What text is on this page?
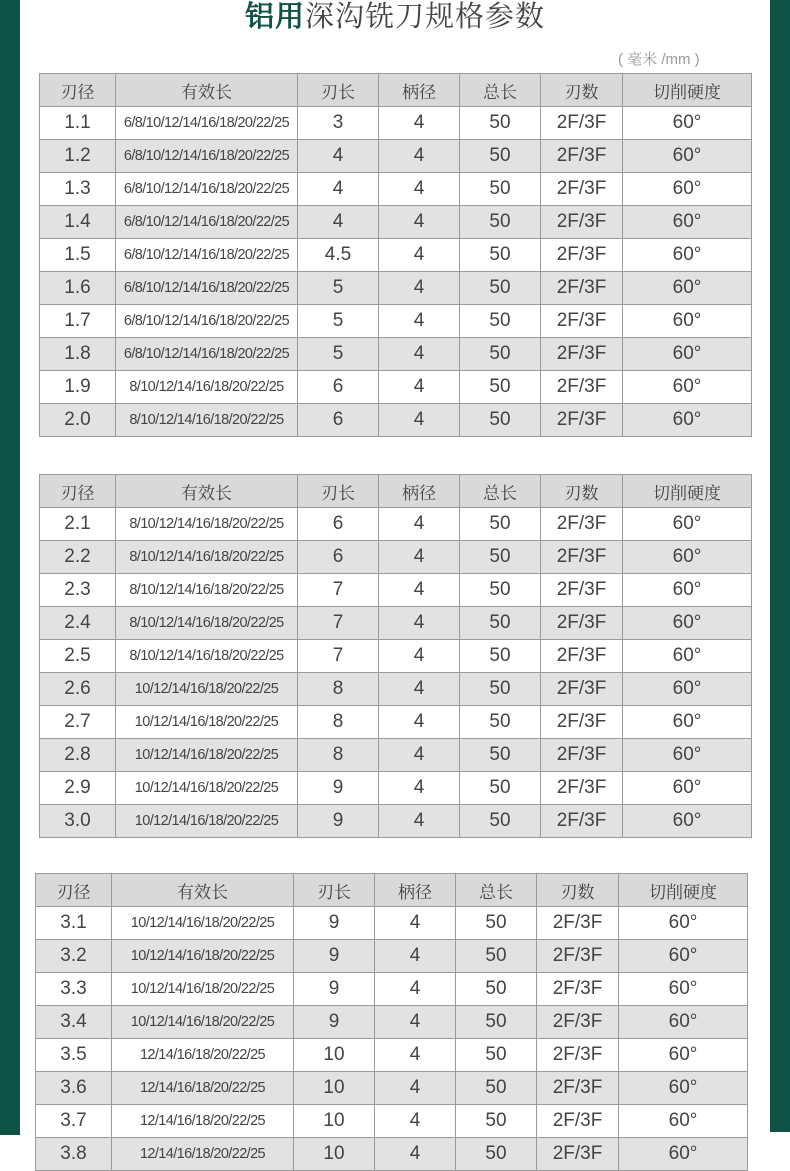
铝用深沟铣刀规格参数
( 毫米 /mm )
刃径	有效长	刃长	柄径	总长	刃数	切削硬度
1.1	6/8/10/12/14/16/18/20/22/25	3	4	50	2F/3F	60°
1.2	6/8/10/12/14/16/18/20/22/25	4	4	50	2F/3F	60°
1.3	6/8/10/12/14/16/18/20/22/25	4	4	50	2F/3F	60°
1.4	6/8/10/12/14/16/18/20/22/25	4	4	50	2F/3F	60°
1.5	6/8/10/12/14/16/18/20/22/25	4.5	4	50	2F/3F	60°
1.6	6/8/10/12/14/16/18/20/22/25	5	4	50	2F/3F	60°
1.7	6/8/10/12/14/16/18/20/22/25	5	4	50	2F/3F	60°
1.8	6/8/10/12/14/16/18/20/22/25	5	4	50	2F/3F	60°
1.9	8/10/12/14/16/18/20/22/25	6	4	50	2F/3F	60°
2.0	8/10/12/14/16/18/20/22/25	6	4	50	2F/3F	60°
刃径	有效长	刃长	柄径	总长	刃数	切削硬度
2.1	8/10/12/14/16/18/20/22/25	6	4	50	2F/3F	60°
2.2	8/10/12/14/16/18/20/22/25	6	4	50	2F/3F	60°
2.3	8/10/12/14/16/18/20/22/25	7	4	50	2F/3F	60°
2.4	8/10/12/14/16/18/20/22/25	7	4	50	2F/3F	60°
2.5	8/10/12/14/16/18/20/22/25	7	4	50	2F/3F	60°
2.6	10/12/14/16/18/20/22/25	8	4	50	2F/3F	60°
2.7	10/12/14/16/18/20/22/25	8	4	50	2F/3F	60°
2.8	10/12/14/16/18/20/22/25	8	4	50	2F/3F	60°
2.9	10/12/14/16/18/20/22/25	9	4	50	2F/3F	60°
3.0	10/12/14/16/18/20/22/25	9	4	50	2F/3F	60°
刃径	有效长	刃长	柄径	总长	刃数	切削硬度
3.1	10/12/14/16/18/20/22/25	9	4	50	2F/3F	60°
3.2	10/12/14/16/18/20/22/25	9	4	50	2F/3F	60°
3.3	10/12/14/16/18/20/22/25	9	4	50	2F/3F	60°
3.4	10/12/14/16/18/20/22/25	9	4	50	2F/3F	60°
3.5	12/14/16/18/20/22/25	10	4	50	2F/3F	60°
3.6	12/14/16/18/20/22/25	10	4	50	2F/3F	60°
3.7	12/14/16/18/20/22/25	10	4	50	2F/3F	60°
3.8	12/14/16/18/20/22/25	10	4	50	2F/3F	60°
